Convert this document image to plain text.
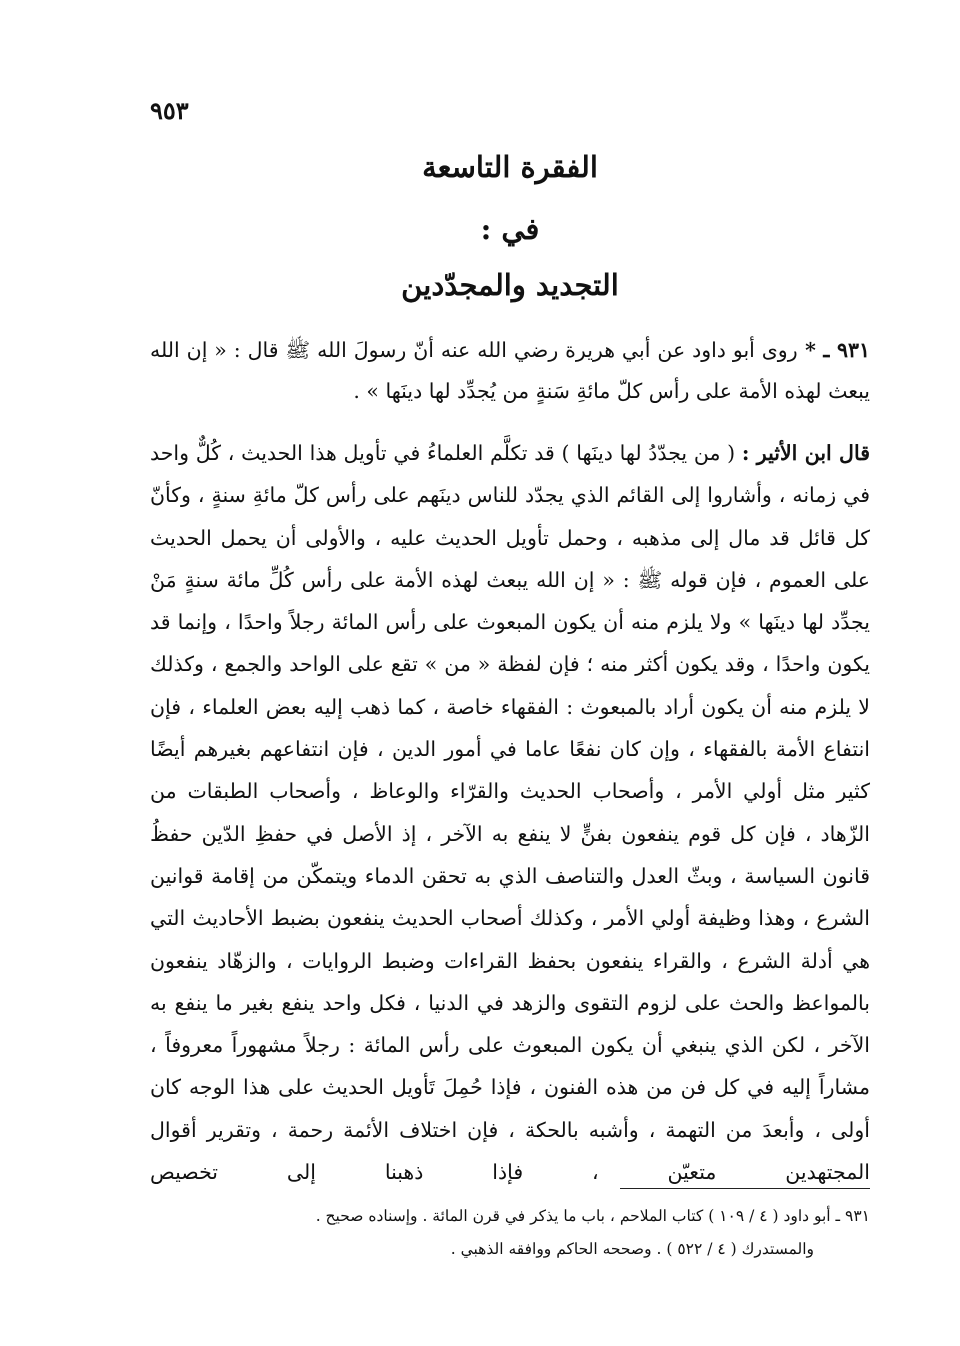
٩٥٣
الفقرة التاسعة
في :
التجديد والمجدّدين
٩٣١ ـ * روى أبو داود عن أبي هريرة رضي الله عنه أنّ رسولَ الله ﷺ قال : « إن الله يبعث لهذه الأمة على رأس كلّ مائةِ سَنةٍ من يُجدِّد لها دينَها » .
قال ابن الأثير : ( من يجدّدُ لها دينَها ) قد تكلَّم العلماءُ في تأويل هذا الحديث ، كُلٌّ واحد في زمانه ، وأشاروا إلى القائم الذي يجدّد للناس دينَهم على رأس كلّ مائةِ سنةٍ ، وكأنّ كل قائل قد مال إلى مذهبه ، وحمل تأويل الحديث عليه ، والأولى أن يحمل الحديث على العموم ، فإن قوله ﷺ : « إن الله يبعث لهذه الأمة على رأس كُلِّ مائة سنةٍ مَنْ يجدِّد لها دينَها » ولا يلزم منه أن يكون المبعوث على رأس المائة رجلاً واحدًا ، وإنما قد يكون واحدًا ، وقد يكون أكثر منه ؛ فإن لفظة « من » تقع على الواحد والجمع ، وكذلك لا يلزم منه أن يكون أراد بالمبعوث : الفقهاء خاصة ، كما ذهب إليه بعض العلماء ، فإن انتفاع الأمة بالفقهاء ، وإن كان نفعًا عاما في أمور الدين ، فإن انتفاعهم بغيرهم أيضًا كثير مثل أولي الأمر ، وأصحاب الحديث والقرّاء والوعاظ ، وأصحاب الطبقات من الزّهاد ، فإن كل قوم ينفعون بفنٍّ لا ينفع به الآخر ، إذ الأصل في حفظِ الدّين حفظُ قانون السياسة ، وبثّ العدل والتناصف الذي به تحقن الدماء ويتمكّن من إقامة قوانين الشرع ، وهذا وظيفة أولي الأمر ، وكذلك أصحاب الحديث ينفعون بضبط الأحاديث التي هي أدلة الشرع ، والقراء ينفعون بحفظ القراءات وضبط الروايات ، والزهّاد ينفعون بالمواعظ والحث على لزوم التقوى والزهد في الدنيا ، فكل واحد ينفع بغير ما ينفع به الآخر ، لكن الذي ينبغي أن يكون المبعوث على رأس المائة : رجلاً مشهوراً معروفاً ، مشاراً إليه في كل فن من هذه الفنون ، فإذا حُمِلَ تَأويل الحديث على هذا الوجه كان أولى ، وأبعدَ من التهمة ، وأشبه بالحكة ، فإن اختلاف الأئمة رحمة ، وتقرير أقوال المجتهدين متعيّن ، فإذا ذهبنا إلى تخصيص
٩٣١ ـ أبو داود ( ٤ / ١٠٩ ) كتاب الملاحم ، باب ما يذكر في قرن المائة . وإسناده صحيح .
والمستدرك ( ٤ / ٥٢٢ ) . وصححه الحاكم ووافقه الذهبي .
